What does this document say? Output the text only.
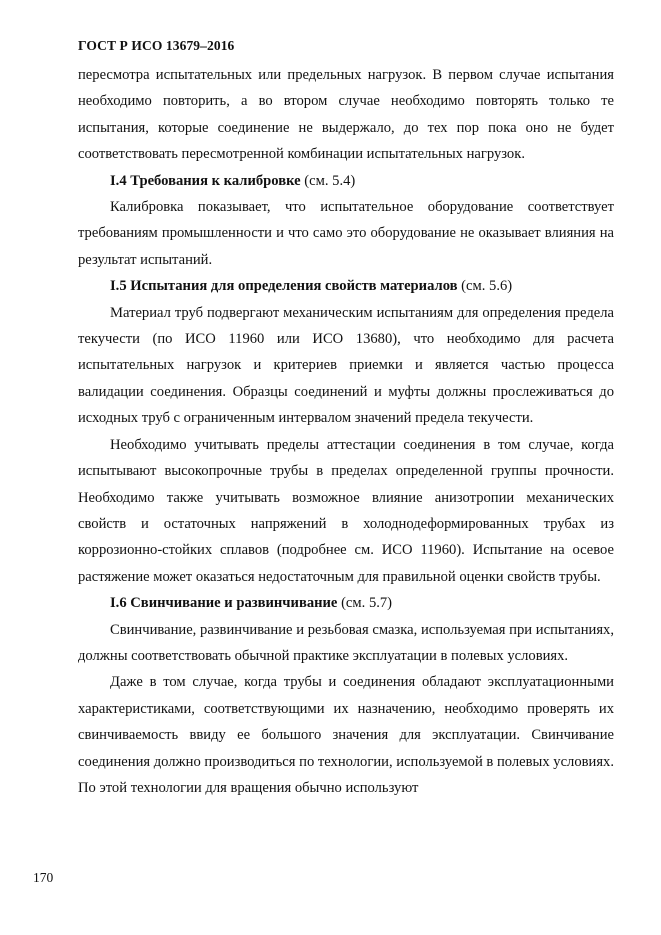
ГОСТ Р ИСО 13679–2016

пересмотра испытательных или предельных нагрузок. В первом случае испытания необходимо повторить, а во втором случае необходимо повторять только те испытания, которые соединение не выдержало, до тех пор пока оно не будет соответствовать пересмотренной комбинации испытательных нагрузок.

I.4 Требования к калибровке (см. 5.4)

Калибровка показывает, что испытательное оборудование соответствует требованиям промышленности и что само это оборудование не оказывает влияния на результат испытаний.

I.5 Испытания для определения свойств материалов (см. 5.6)

Материал труб подвергают механическим испытаниям для определения предела текучести (по ИСО 11960 или ИСО 13680), что необходимо для расчета испытательных нагрузок и критериев приемки и является частью процесса валидации соединения. Образцы соединений и муфты должны прослеживаться до исходных труб с ограниченным интервалом значений предела текучести.

Необходимо учитывать пределы аттестации соединения в том случае, когда испытывают высокопрочные трубы в пределах определенной группы прочности. Необходимо также учитывать возможное влияние анизотропии механических свойств и остаточных напряжений в холоднодеформированных трубах из коррозионно-стойких сплавов (подробнее см. ИСО 11960). Испытание на осевое растяжение может оказаться недостаточным для правильной оценки свойств трубы.

I.6 Свинчивание и развинчивание (см. 5.7)

Свинчивание, развинчивание и резьбовая смазка, используемая при испытаниях, должны соответствовать обычной практике эксплуатации в полевых условиях.

Даже в том случае, когда трубы и соединения обладают эксплуатационными характеристиками, соответствующими их назначению, необходимо проверять их свинчиваемость ввиду ее большого значения для эксплуатации. Свинчивание соединения должно производиться по технологии, используемой в полевых условиях. По этой технологии для вращения обычно используют

170
